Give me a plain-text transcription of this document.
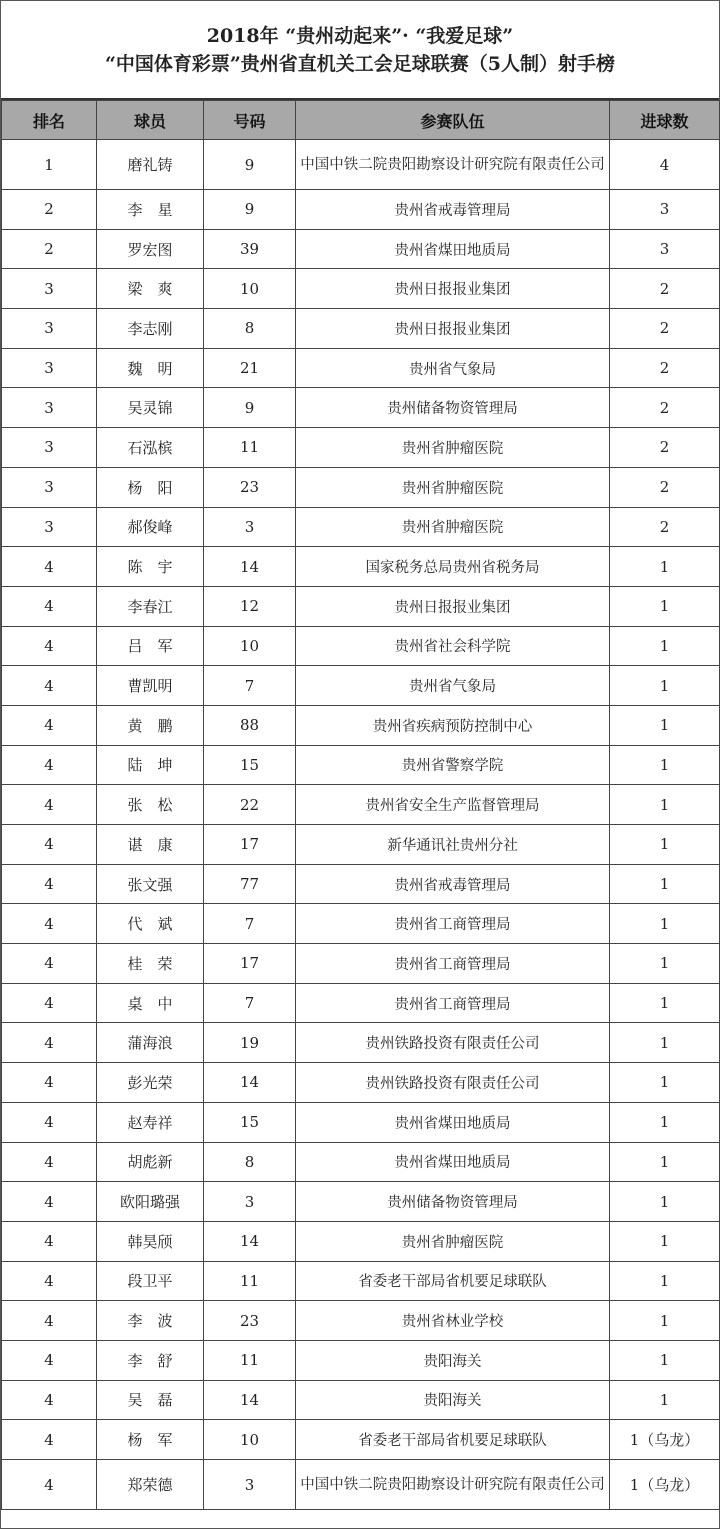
2018年 “贵州动起来”· “我爱足球”
“中国体育彩票”贵州省直机关工会足球联赛（5人制）射手榜
排名	球员	号码	参赛队伍	进球数
1	磨礼铸	9	中国中铁二院贵阳勘察设计研究院有限责任公司	4
2	李　星	9	贵州省戒毒管理局	3
2	罗宏图	39	贵州省煤田地质局	3
3	梁　爽	10	贵州日报报业集团	2
3	李志刚	8	贵州日报报业集团	2
3	魏　明	21	贵州省气象局	2
3	吴灵锦	9	贵州储备物资管理局	2
3	石泓槟	11	贵州省肿瘤医院	2
3	杨　阳	23	贵州省肿瘤医院	2
3	郝俊峰	3	贵州省肿瘤医院	2
4	陈　宇	14	国家税务总局贵州省税务局	1
4	李春江	12	贵州日报报业集团	1
4	吕　军	10	贵州省社会科学院	1
4	曹凯明	7	贵州省气象局	1
4	黄　鹏	88	贵州省疾病预防控制中心	1
4	陆　坤	15	贵州省警察学院	1
4	张　松	22	贵州省安全生产监督管理局	1
4	谌　康	17	新华通讯社贵州分社	1
4	张文强	77	贵州省戒毒管理局	1
4	代　斌	7	贵州省工商管理局	1
4	桂　荣	17	贵州省工商管理局	1
4	桌　中	7	贵州省工商管理局	1
4	蒲海浪	19	贵州铁路投资有限责任公司	1
4	彭光荣	14	贵州铁路投资有限责任公司	1
4	赵寿祥	15	贵州省煤田地质局	1
4	胡彪新	8	贵州省煤田地质局	1
4	欧阳璐强	3	贵州储备物资管理局	1
4	韩昊颀	14	贵州省肿瘤医院	1
4	段卫平	11	省委老干部局省机要足球联队	1
4	李　波	23	贵州省林业学校	1
4	李　舒	11	贵阳海关	1
4	吴　磊	14	贵阳海关	1
4	杨　军	10	省委老干部局省机要足球联队	1（乌龙）
4	郑荣德	3	中国中铁二院贵阳勘察设计研究院有限责任公司	1（乌龙）
